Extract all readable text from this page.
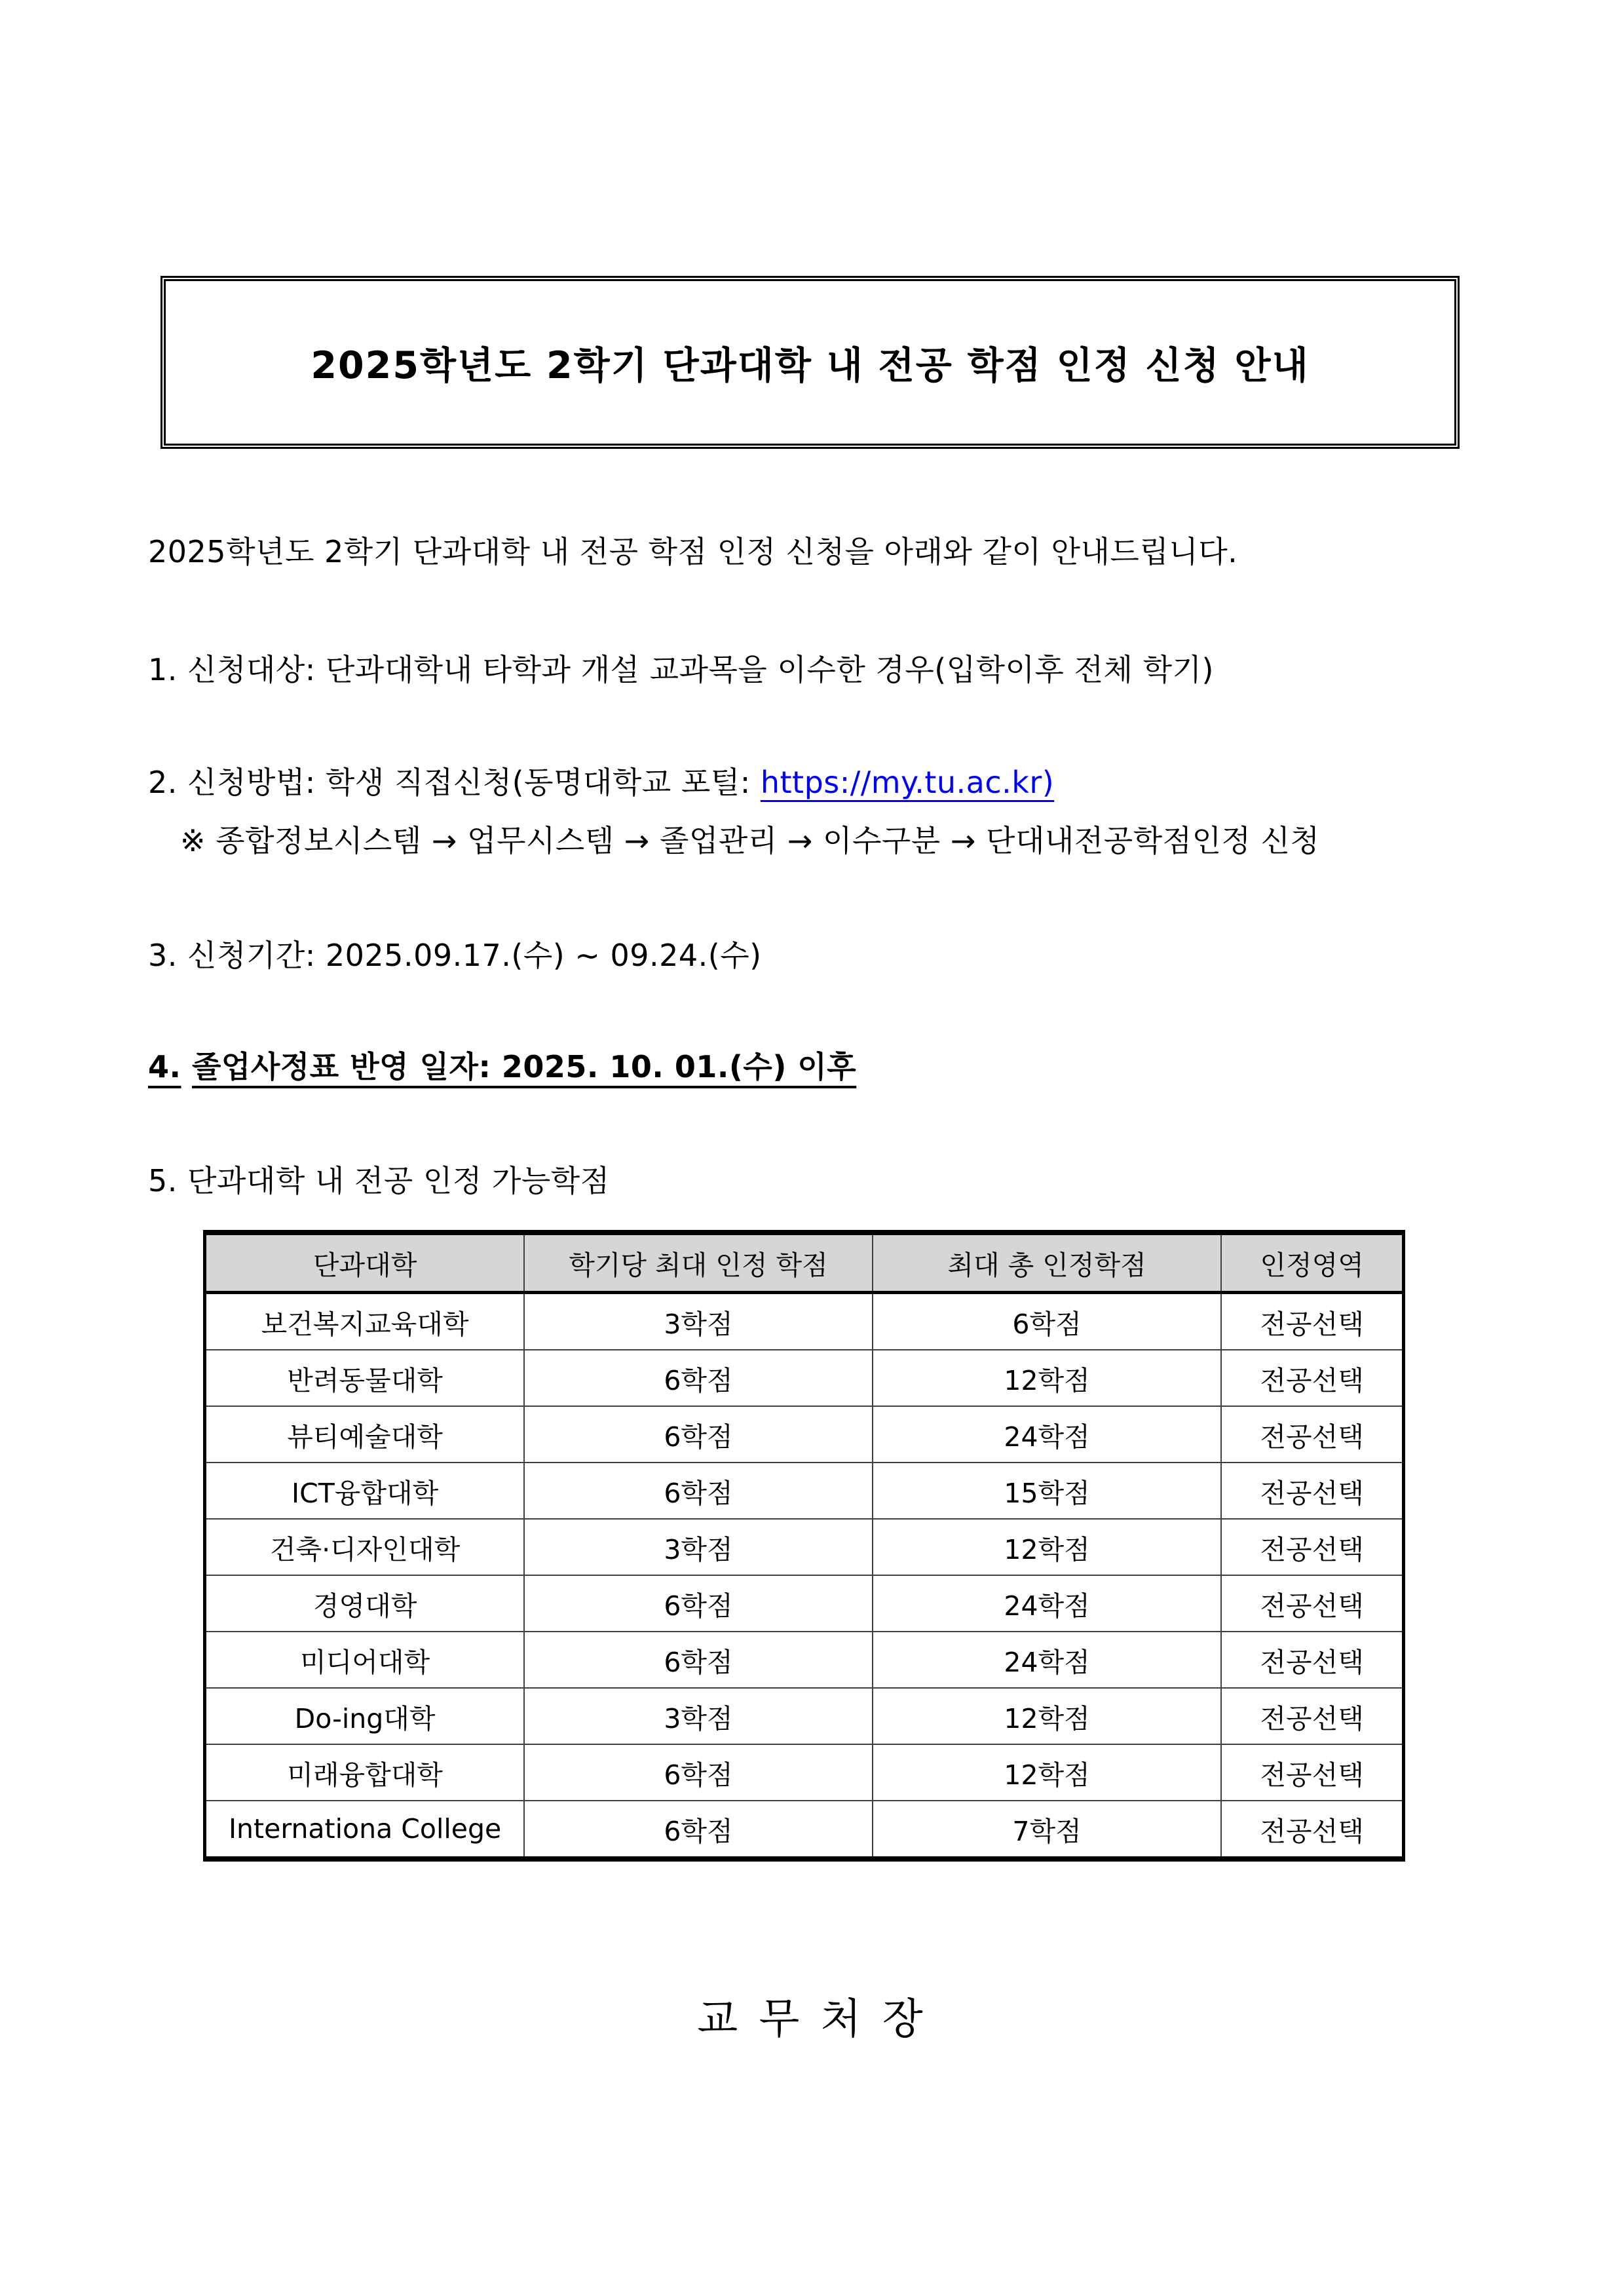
2025학년도 2학기 단과대학 내 전공 학점 인정 신청 안내
2025학년도 2학기 단과대학 내 전공 학점 인정 신청을 아래와 같이 안내드립니다.
1. 신청대상: 단과대학내 타학과 개설 교과목을 이수한 경우(입학이후 전체 학기)
2. 신청방법: 학생 직접신청(동명대학교 포털: https://my.tu.ac.kr)
※ 종합정보시스템 → 업무시스템 → 졸업관리 → 이수구분 → 단대내전공학점인정 신청
3. 신청기간: 2025.09.17.(수) ~ 09.24.(수)
4. 졸업사정표 반영 일자: 2025. 10. 01.(수) 이후
5. 단과대학 내 전공 인정 가능학점
단과대학	학기당 최대 인정 학점	최대 총 인정학점	인정영역
보건복지교육대학	3학점	6학점	전공선택
반려동물대학	6학점	12학점	전공선택
뷰티예술대학	6학점	24학점	전공선택
ICT융합대학	6학점	15학점	전공선택
건축·디자인대학	3학점	12학점	전공선택
경영대학	6학점	24학점	전공선택
미디어대학	6학점	24학점	전공선택
Do-ing대학	3학점	12학점	전공선택
미래융합대학	6학점	12학점	전공선택
Internationa College	6학점	7학점	전공선택
교 무 처 장
